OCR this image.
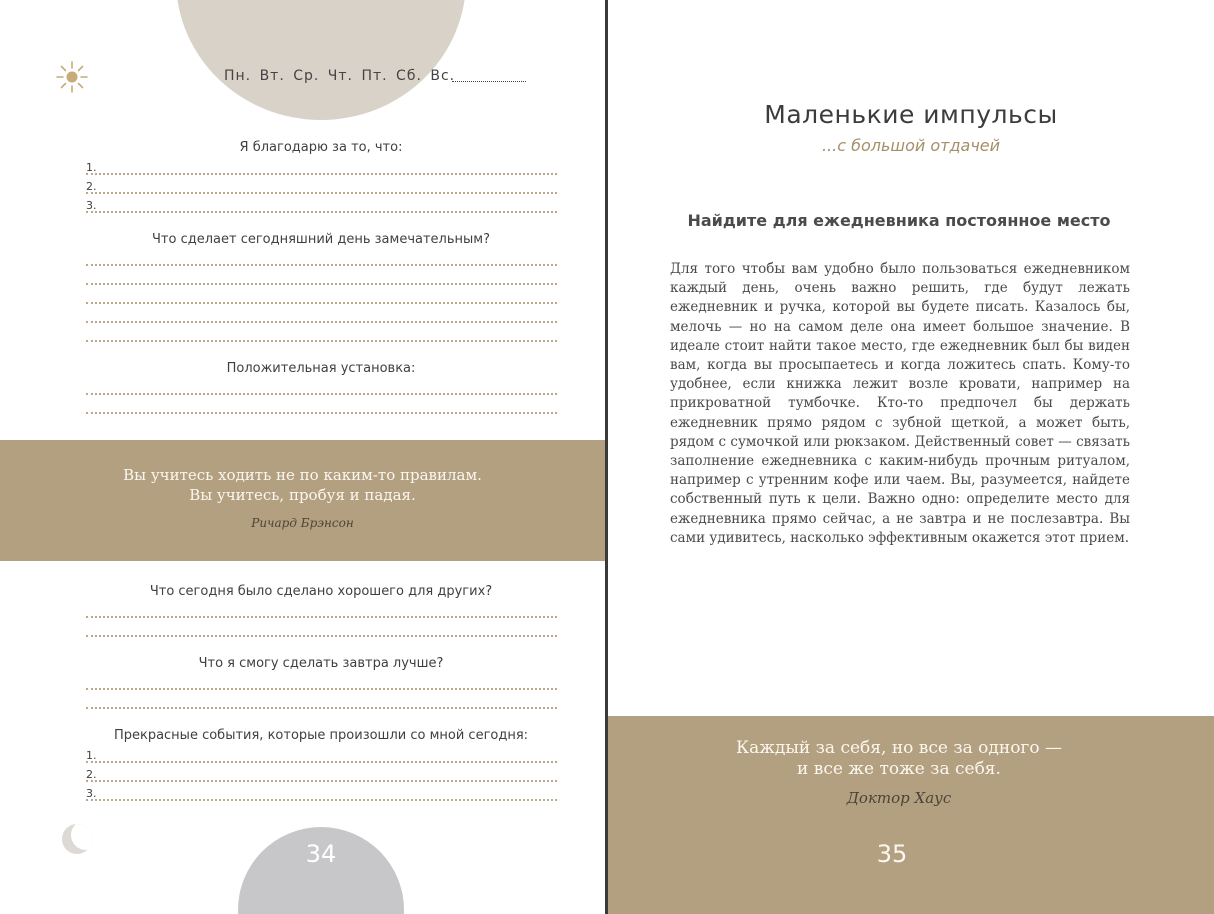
Пн. Вт. Ср. Чт. Пт. Сб. Вс.
Я благодарю за то, что:
1.
2.
3.
Что сделает сегодняшний день замечательным?
Положительная установка:
Вы учитесь ходить не по каким-то правилам.
Вы учитесь, пробуя и падая.
Ричард Брэнсон
Что сегодня было сделано хорошего для других?
Что я смогу сделать завтра лучше?
Прекрасные события, которые произошли со мной сегодня:
1.
2.
3.
34
Маленькие импульсы
...с большой отдачей
Найдите для ежедневника постоянное место
Для того чтобы вам удобно было пользоваться ежедневником каждый день, очень важно решить, где будут лежать ежедневник и ручка, которой вы будете писать. Казалось бы, мелочь — но на самом деле она имеет большое значение. В идеале стоит найти такое место, где ежедневник был бы виден вам, когда вы просыпаетесь и когда ложитесь спать. Кому-то удобнее, если книжка лежит возле кровати, например на прикроватной тумбочке. Кто-то предпочел бы держать ежедневник прямо рядом с зубной щеткой, а может быть, рядом с сумочкой или рюкзаком. Действенный совет — связать заполнение ежедневника с каким-нибудь прочным ритуалом, например с утренним кофе или чаем. Вы, разумеется, найдете собственный путь к цели. Важно одно: определите место для ежедневника прямо сейчас, а не завтра и не послезавтра. Вы сами удивитесь, насколько эффективным окажется этот прием.
Каждый за себя, но все за одного —
и все же тоже за себя.
Доктор Хаус
35
